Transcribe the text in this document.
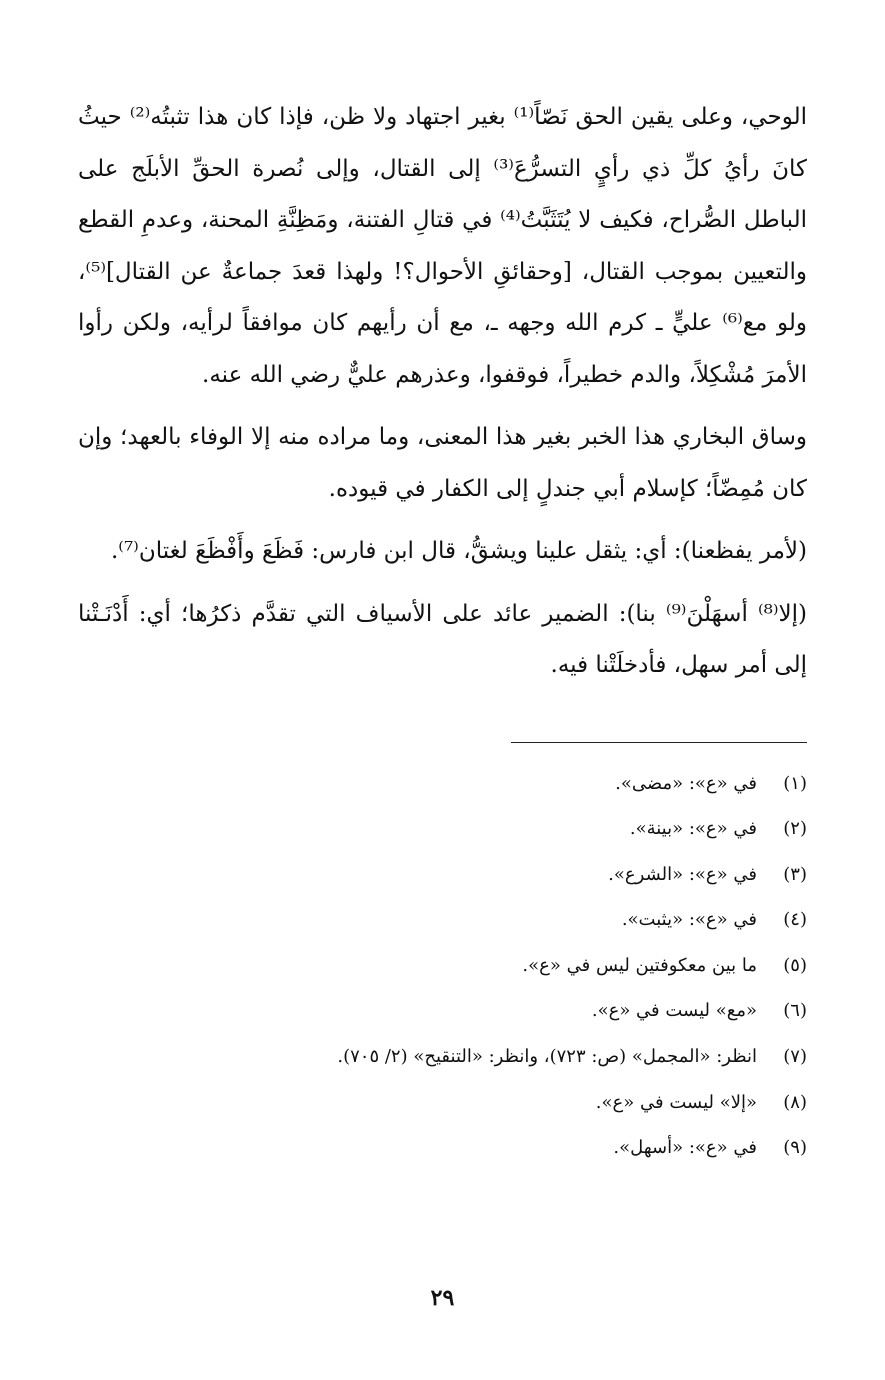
الوحي، وعلى يقين الحق نَصّاً⁽¹⁾ بغير اجتهاد ولا ظن، فإذا كان هذا تثبتُه⁽²⁾ حيثُ كانَ رأيُ كلِّ ذي رأيٍ التسرُّعَ⁽³⁾ إلى القتال، وإلى نُصرة الحقِّ الأبلَج على الباطل الصُّراح، فكيف لا يُتَثَبَّتُ⁽⁴⁾ في قتالِ الفتنة، ومَظِنَّةِ المحنة، وعدمِ القطع والتعيين بموجب القتال، [وحقائقِ الأحوال؟! ولهذا قعدَ جماعةٌ عن القتال]⁽⁵⁾، ولو مع⁽⁶⁾ عليٍّ ـ كرم الله وجهه ـ، مع أن رأيهم كان موافقاً لرأيه، ولكن رأوا الأمرَ مُشْكِلاً، والدم خطيراً، فوقفوا، وعذرهم عليٌّ رضي الله عنه.

وساق البخاري هذا الخبر بغير هذا المعنى، وما مراده منه إلا الوفاء بالعهد؛ وإن كان مُمِضّاً؛ كإسلام أبي جندلٍ إلى الكفار في قيوده.

(لأمر يفظعنا): أي: يثقل علينا ويشقُّ، قال ابن فارس: فَظَعَ وأَفْظَعَ لغتان⁽⁷⁾.

(إلا⁽⁸⁾ أسهَلْنَ⁽⁹⁾ بنا): الضمير عائد على الأسياف التي تقدَّم ذكرُها؛ أي: أَدْنَـتْنا إلى أمر سهل، فأدخلَتْنا فيه.

(١)
في «ع»: «مضى».
(٢)
في «ع»: «بينة».
(٣)
في «ع»: «الشرع».
(٤)
في «ع»: «يثبت».
(٥)
ما بين معكوفتين ليس في «ع».
(٦)
«مع» ليست في «ع».
(٧)
انظر: «المجمل» (ص: ٧٢٣)، وانظر: «التنقيح» (٢/ ٧٠٥).
(٨)
«إلا» ليست في «ع».
(٩)
في «ع»: «أسهل».
٢٩
